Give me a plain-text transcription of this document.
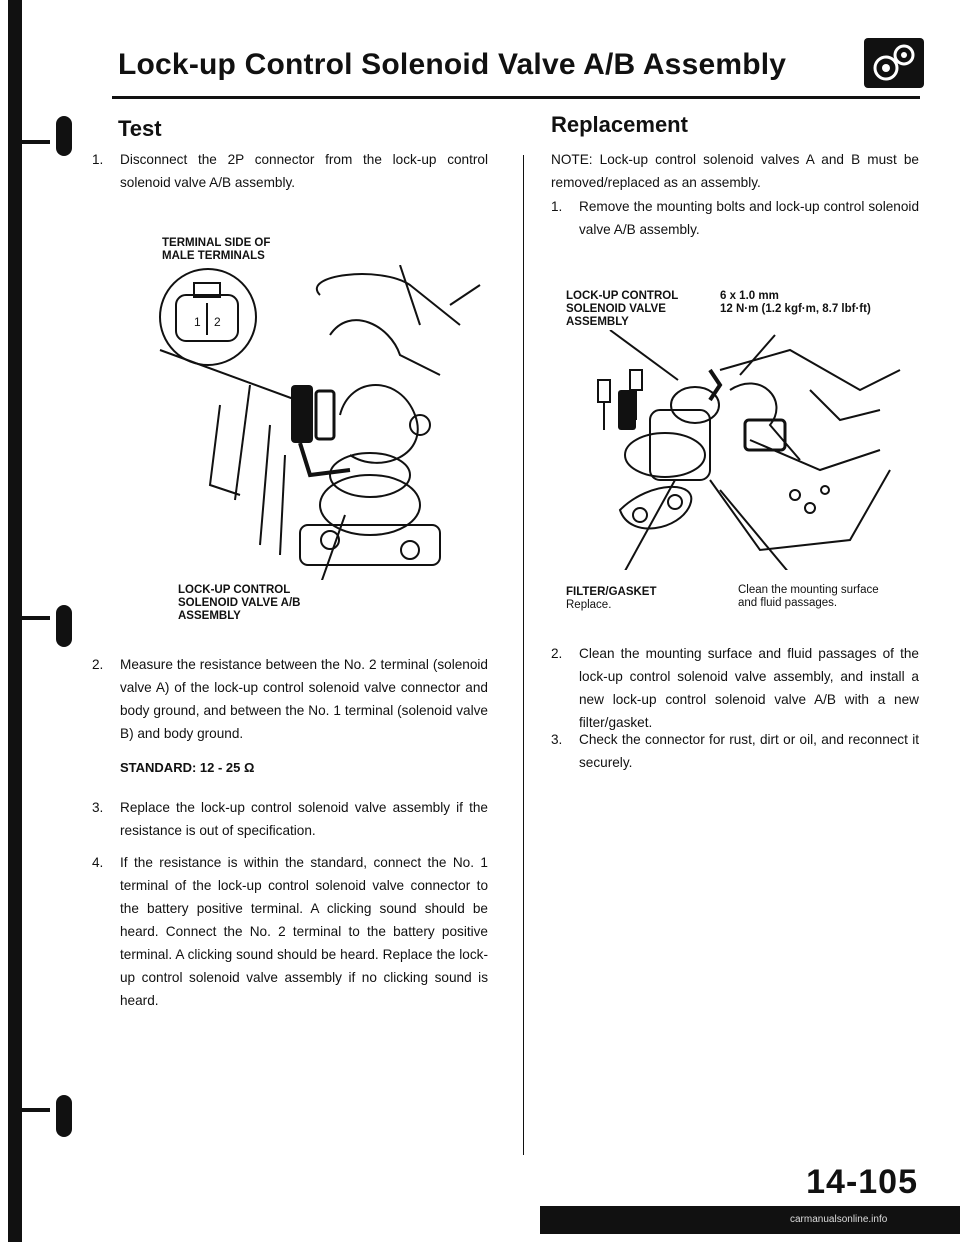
Lock-up Control Solenoid Valve A/B Assembly
Test
1. Disconnect the 2P connector from the lock-up control solenoid valve A/B assembly.
TERMINAL SIDE OF
MALE TERMINALS
1 2
LOCK-UP CONTROL
SOLENOID VALVE A/B
ASSEMBLY
2. Measure the resistance between the No. 2 terminal (solenoid valve A) of the lock-up control solenoid valve connector and body ground, and between the No. 1 terminal (solenoid valve B) and body ground.
STANDARD: 12 - 25 Ω
3. Replace the lock-up control solenoid valve assembly if the resistance is out of specification.
4. If the resistance is within the standard, connect the No. 1 terminal of the lock-up control solenoid valve connector to the battery positive terminal. A clicking sound should be heard. Connect the No. 2 terminal to the battery positive terminal. A clicking sound should be heard. Replace the lock-up control solenoid valve assembly if no clicking sound is heard.
Replacement
NOTE: Lock-up control solenoid valves A and B must be removed/replaced as an assembly.
1. Remove the mounting bolts and lock-up control solenoid valve A/B assembly.
LOCK-UP CONTROL
SOLENOID VALVE
ASSEMBLY
6 x 1.0 mm
12 N·m (1.2 kgf·m, 8.7 lbf·ft)
FILTER/GASKET
Replace.
Clean the mounting surface
and fluid passages.
2. Clean the mounting surface and fluid passages of the lock-up control solenoid valve assembly, and install a new lock-up control solenoid valve A/B with a new filter/gasket.
3. Check the connector for rust, dirt or oil, and reconnect it securely.
14-105
carmanualsonline.info
